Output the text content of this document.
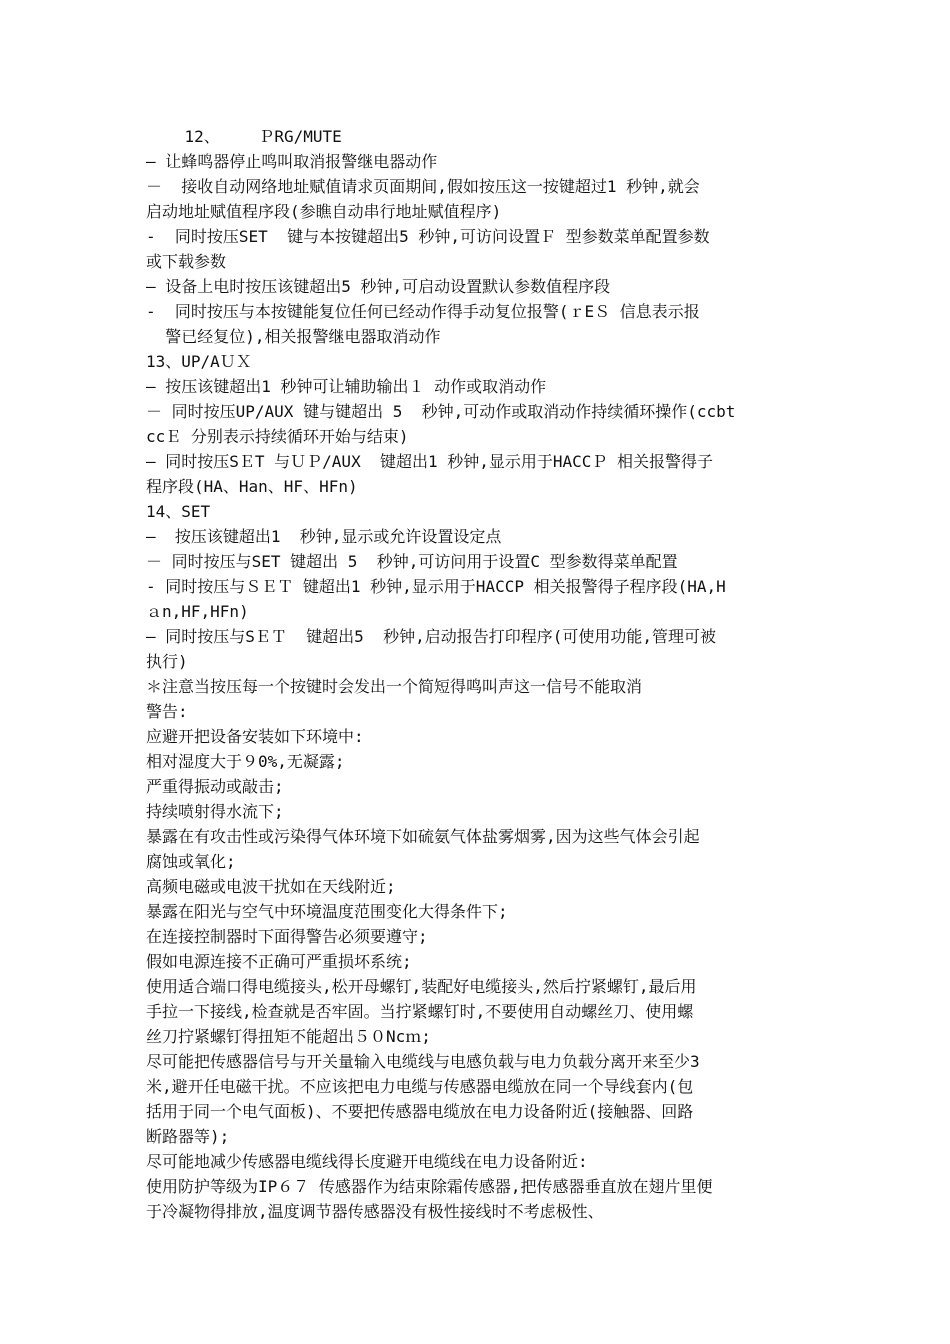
12、    ＰRG/MUTE
— 让蜂鸣器停止鸣叫取消报警继电器动作
－  接收自动网络地址赋值请求页面期间,假如按压这一按键超过1 秒钟,就会
启动地址赋值程序段(参瞧自动串行地址赋值程序)
-  同时按压SET  键与本按键超出5 秒钟,可访问设置Ｆ 型参数菜单配置参数
或下载参数
— 设备上电时按压该键超出5 秒钟,可启动设置默认参数值程序段
-  同时按压与本按键能复位任何已经动作得手动复位报警(ｒEＳ 信息表示报
警已经复位),相关报警继电器取消动作
13、UP/AＵＸ
— 按压该键超出1 秒钟可让辅助输出１ 动作或取消动作
－ 同时按压UP/AUX 键与键超出 5  秒钟,可动作或取消动作持续循环操作(ccbt
ccＥ 分别表示持续循环开始与结束)
— 同时按压SＥT 与ＵＰ/AUX  键超出1 秒钟,显示用于HACCＰ 相关报警得子
程序段(HA、Han、HF、HFn)
14、SET
—  按压该键超出1  秒钟,显示或允许设置设定点
－ 同时按压与SET 键超出 5  秒钟,可访问用于设置C 型参数得菜单配置
- 同时按压与ＳＥＴ 键超出1 秒钟,显示用于HACCP 相关报警得子程序段(HA,H
ａn,HF,HFn)
— 同时按压与SＥＴ  键超出5  秒钟,启动报告打印程序(可使用功能,管理可被
执行)
＊注意当按压每一个按键时会发出一个简短得鸣叫声这一信号不能取消
警告:
应避开把设备安装如下环境中:
相对湿度大于９0%,无凝露;
严重得振动或敲击;
持续喷射得水流下;
暴露在有攻击性或污染得气体环境下如硫氨气体盐雾烟雾,因为这些气体会引起
腐蚀或氧化;
高频电磁或电波干扰如在天线附近;
暴露在阳光与空气中环境温度范围变化大得条件下;
在连接控制器时下面得警告必须要遵守;
假如电源连接不正确可严重损坏系统;
使用适合端口得电缆接头,松开母螺钉,装配好电缆接头,然后拧紧螺钉,最后用
手拉一下接线,检查就是否牢固。当拧紧螺钉时,不要使用自动螺丝刀、使用螺
丝刀拧紧螺钉得扭矩不能超出５０Ncｍ;
尽可能把传感器信号与开关量输入电缆线与电感负载与电力负载分离开来至少3
米,避开任电磁干扰。不应该把电力电缆与传感器电缆放在同一个导线套内(包
括用于同一个电气面板)、不要把传感器电缆放在电力设备附近(接触器、回路
断路器等);
尽可能地减少传感器电缆线得长度避开电缆线在电力设备附近:
使用防护等级为IP６７ 传感器作为结束除霜传感器,把传感器垂直放在翅片里便
于冷凝物得排放,温度调节器传感器没有极性接线时不考虑极性、
